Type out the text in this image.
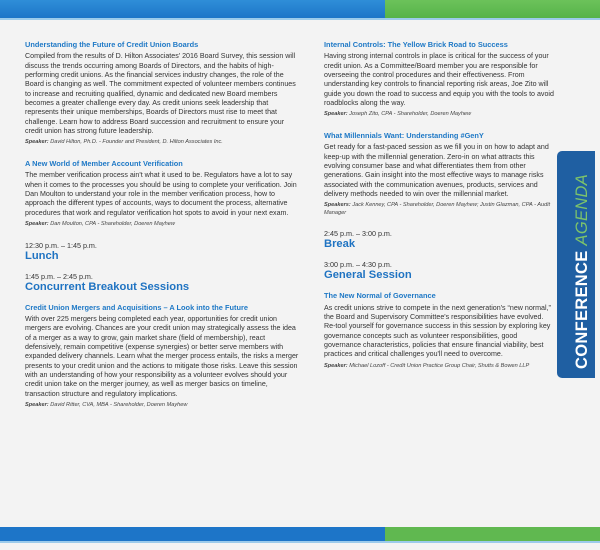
Understanding the Future of Credit Union Boards
Compiled from the results of D. Hilton Associates' 2016 Board Survey, this session will discuss the trends occurring among Boards of Directors, and the habits of high-performing credit unions. As the financial services industry changes, the role of the Board is changing as well. The commitment expected of volunteer members continues to increase and recruiting qualified, dynamic and dedicated new Board members becomes a greater challenge every day. As credit unions seek leadership that represents their unique memberships, Boards of Directors must rise to meet that challenge. Learn how to address Board succession and recruitment to ensure your credit union has strong future leadership.
Speaker: David Hilton, Ph.D. - Founder and President, D. Hilton Associates Inc.
A New World of Member Account Verification
The member verification process ain't what it used to be. Regulators have a lot to say when it comes to the processes you should be using to complete your verification. Join Dan Moulton to understand your role in the member verification process, how to approach the different types of accounts, ways to document the process, alternative procedures that work and regulator verification hot spots to avoid in your next exam.
Speaker: Dan Moulton, CPA - Shareholder, Doeren Mayhew
12:30 p.m. – 1:45 p.m.
Lunch
1:45 p.m. – 2:45 p.m.
Concurrent Breakout Sessions
Credit Union Mergers and Acquisitions – A Look into the Future
With over 225 mergers being completed each year, opportunities for credit union mergers are evolving. Chances are your credit union may strategically assess the idea of a merger as a way to grow, gain market share (field of membership), react defensively, remain competitive (expense synergies) or better serve members with expanded delivery channels. Learn what the merger process entails, the risks a merger presents to your credit union and the actions to mitigate those risks. Leave this session with an understanding of how your responsibility as a volunteer evolves should your credit union take on the merger journey, as well as merger basics on timeline, transaction structure and regulatory implications.
Speaker: David Ritter, CVA, MBA - Shareholder, Doeren Mayhew
Internal Controls: The Yellow Brick Road to Success
Having strong internal controls in place is critical for the success of your credit union. As a Committee/Board member you are responsible for overseeing the control procedures and their effectiveness. From understanding key controls to financial reporting risk areas, Joe Zito will guide you down the road to success and equip you with the tools to avoid roadblocks along the way.
Speaker: Joseph Zito, CPA - Shareholder, Doeren Mayhew
What Millennials Want: Understanding #GenY
Get ready for a fast-paced session as we fill you in on how to adapt and keep-up with the millennial generation. Zero-in on what attracts this evolving consumer base and what differentiates them from other generations. Gain insight into the most effective ways to manage risks associated with the communication avenues, products, services and delivery methods needed to win over the millennial market.
Speakers: Jack Kenney, CPA - Shareholder, Doeren Mayhew; Justin Glazman, CPA - Audit Manager
2:45 p.m. – 3:00 p.m.
Break
3:00 p.m. – 4:30 p.m.
General Session
The New Normal of Governance
As credit unions strive to compete in the next generation's “new normal,” the Board and Supervisory Committee's responsibilities have evolved. Re-tool yourself for governance success in this session by exploring key governance concepts such as volunteer responsibilities, good governance characteristics, policies that ensure financial viability, best practices and critical challenges you'll need to overcome.
Speaker: Michael Lozoff - Credit Union Practice Group Chair, Shutts & Bowen LLP	CONFERENCE
AGENDA
